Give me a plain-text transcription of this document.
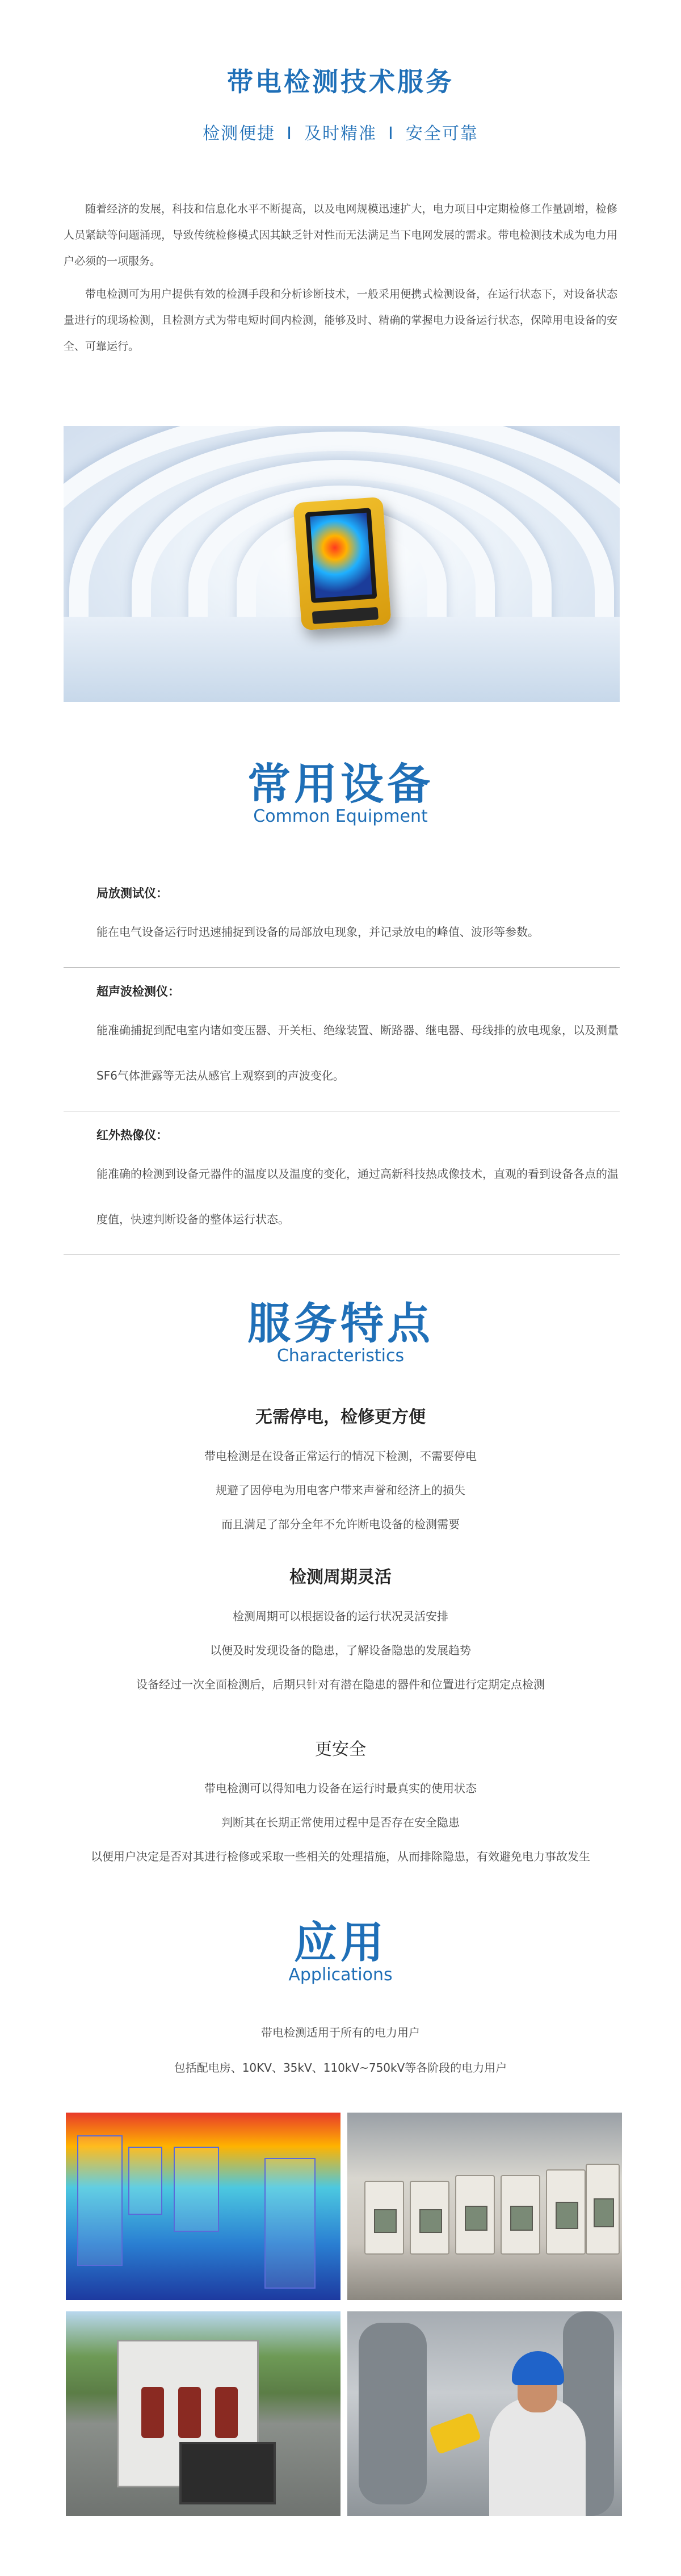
带电检测技术服务
检测便捷 I 及时精准 I 安全可靠

随着经济的发展，科技和信息化水平不断提高，以及电网规模迅速扩大，电力项目中定期检修工作量剧增，检修人员紧缺等问题涌现，导致传统检修模式因其缺乏针对性而无法满足当下电网发展的需求。带电检测技术成为电力用户必须的一项服务。

带电检测可为用户提供有效的检测手段和分析诊断技术，一般采用便携式检测设备，在运行状态下，对设备状态量进行的现场检测，且检测方式为带电短时间内检测，能够及时、精确的掌握电力设备运行状态，保障用电设备的安全、可靠运行。

常用设备
Common Equipment
局放测试仪：
能在电气设备运行时迅速捕捉到设备的局部放电现象，并记录放电的峰值、波形等参数。
超声波检测仪：
能准确捕捉到配电室内诸如变压器、开关柜、绝缘装置、断路器、继电器、母线排的放电现象，以及测量SF6气体泄露等无法从感官上观察到的声波变化。
红外热像仪：
能准确的检测到设备元器件的温度以及温度的变化，通过高新科技热成像技术，直观的看到设备各点的温度值，快速判断设备的整体运行状态。
服务特点
Characteristics
无需停电，检修更方便

带电检测是在设备正常运行的情况下检测，不需要停电

规避了因停电为用电客户带来声誉和经济上的损失

而且满足了部分全年不允许断电设备的检测需要

检测周期灵活

检测周期可以根据设备的运行状况灵活安排

以便及时发现设备的隐患，了解设备隐患的发展趋势

设备经过一次全面检测后，后期只针对有潜在隐患的器件和位置进行定期定点检测

更安全

带电检测可以得知电力设备在运行时最真实的使用状态

判断其在长期正常使用过程中是否存在安全隐患

以便用户决定是否对其进行检修或采取一些相关的处理措施，从而排除隐患，有效避免电力事故发生

应用
Applications

带电检测适用于所有的电力用户

包括配电房、10KV、35kV、110kV~750kV等各阶段的电力用户
